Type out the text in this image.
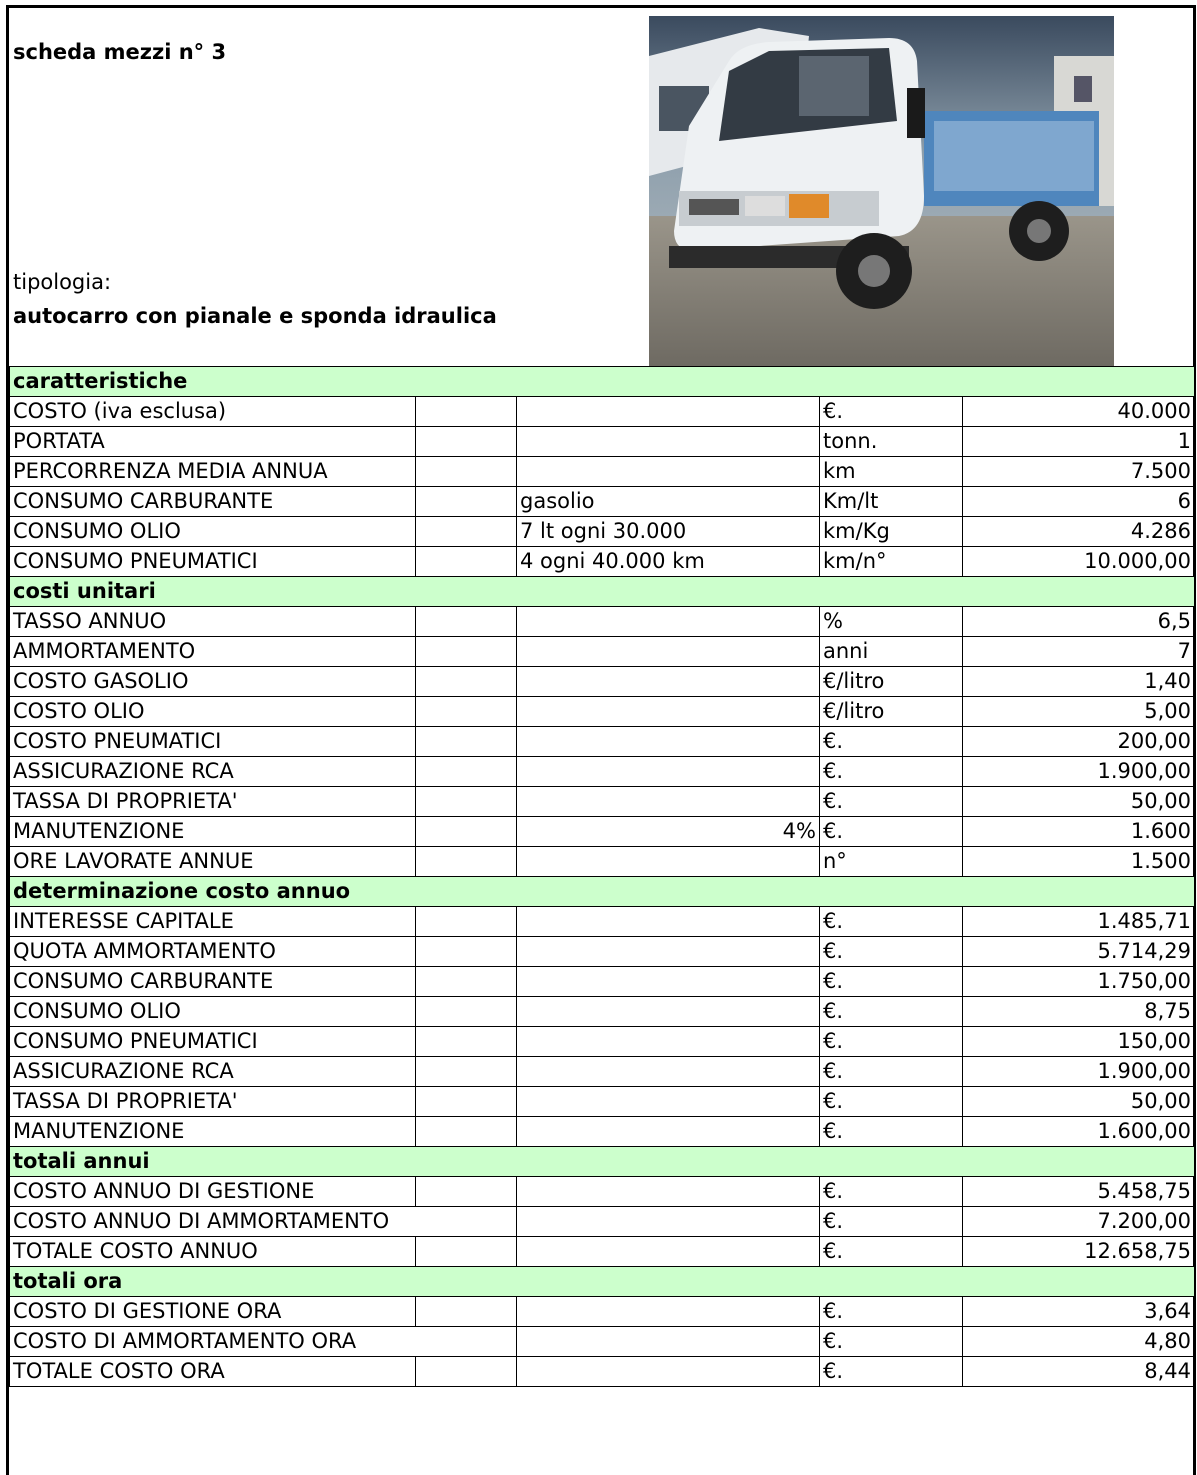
scheda mezzi n° 3
tipologia:
autocarro con pianale e sponda idraulica
caratteristiche				
COSTO (iva esclusa)			€.	40.000
PORTATA			tonn.	1
PERCORRENZA MEDIA ANNUA			km	7.500
CONSUMO CARBURANTE		gasolio	Km/lt	6
CONSUMO OLIO		7 lt ogni 30.000	km/Kg	4.286
CONSUMO PNEUMATICI		4 ogni 40.000 km	km/n°	10.000,00
costi unitari				
TASSO ANNUO			%	6,5
AMMORTAMENTO			anni	7
COSTO GASOLIO			€/litro	1,40
COSTO OLIO			€/litro	5,00
COSTO PNEUMATICI			€.	200,00
ASSICURAZIONE RCA			€.	1.900,00
TASSA DI PROPRIETA'			€.	50,00
MANUTENZIONE		4%	€.	1.600
ORE LAVORATE ANNUE			n°	1.500
determinazione costo annuo				
INTERESSE CAPITALE			€.	1.485,71
QUOTA AMMORTAMENTO			€.	5.714,29
CONSUMO CARBURANTE			€.	1.750,00
CONSUMO OLIO			€.	8,75
CONSUMO PNEUMATICI			€.	150,00
ASSICURAZIONE RCA			€.	1.900,00
TASSA DI PROPRIETA'			€.	50,00
MANUTENZIONE			€.	1.600,00
totali annui				
COSTO ANNUO DI GESTIONE			€.	5.458,75
COSTO ANNUO DI AMMORTAMENTO			€.	7.200,00
TOTALE COSTO ANNUO			€.	12.658,75
totali ora				
COSTO DI GESTIONE ORA			€.	3,64
COSTO DI AMMORTAMENTO ORA			€.	4,80
TOTALE COSTO ORA			€.	8,44
